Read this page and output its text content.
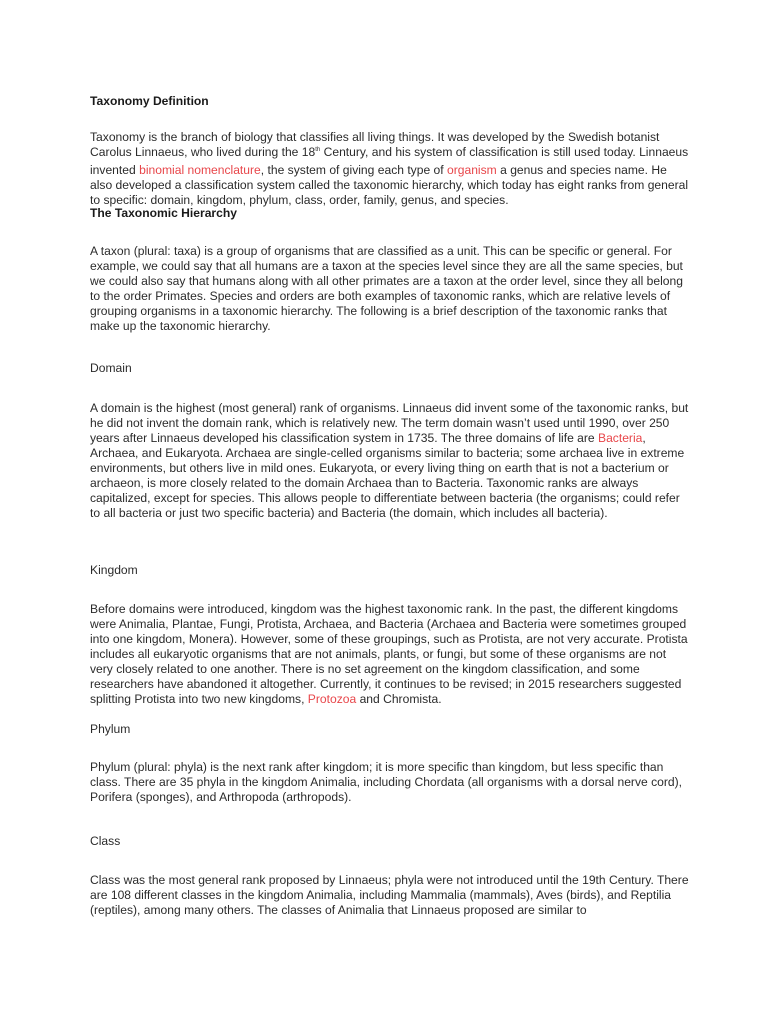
Taxonomy Definition

Taxonomy is the branch of biology that classifies all living things. It was developed by the Swedish botanist Carolus Linnaeus, who lived during the 18th Century, and his system of classification is still used today. Linnaeus invented binomial nomenclature, the system of giving each type of organism a genus and species name. He also developed a classification system called the taxonomic hierarchy, which today has eight ranks from general to specific: domain, kingdom, phylum, class, order, family, genus, and species.

The Taxonomic Hierarchy

A taxon (plural: taxa) is a group of organisms that are classified as a unit. This can be specific or general. For example, we could say that all humans are a taxon at the species level since they are all the same species, but we could also say that humans along with all other primates are a taxon at the order level, since they all belong to the order Primates. Species and orders are both examples of taxonomic ranks, which are relative levels of grouping organisms in a taxonomic hierarchy. The following is a brief description of the taxonomic ranks that make up the taxonomic hierarchy.

Domain

A domain is the highest (most general) rank of organisms. Linnaeus did invent some of the taxonomic ranks, but he did not invent the domain rank, which is relatively new. The term domain wasn’t used until 1990, over 250 years after Linnaeus developed his classification system in 1735. The three domains of life are Bacteria, Archaea, and Eukaryota. Archaea are single-celled organisms similar to bacteria; some archaea live in extreme environments, but others live in mild ones. Eukaryota, or every living thing on earth that is not a bacterium or archaeon, is more closely related to the domain Archaea than to Bacteria. Taxonomic ranks are always capitalized, except for species. This allows people to differentiate between bacteria (the organisms; could refer to all bacteria or just two specific bacteria) and Bacteria (the domain, which includes all bacteria).

Kingdom

Before domains were introduced, kingdom was the highest taxonomic rank. In the past, the different kingdoms were Animalia, Plantae, Fungi, Protista, Archaea, and Bacteria (Archaea and Bacteria were sometimes grouped into one kingdom, Monera). However, some of these groupings, such as Protista, are not very accurate. Protista includes all eukaryotic organisms that are not animals, plants, or fungi, but some of these organisms are not very closely related to one another. There is no set agreement on the kingdom classification, and some researchers have abandoned it altogether. Currently, it continues to be revised; in 2015 researchers suggested splitting Protista into two new kingdoms, Protozoa and Chromista.

Phylum

Phylum (plural: phyla) is the next rank after kingdom; it is more specific than kingdom, but less specific than class. There are 35 phyla in the kingdom Animalia, including Chordata (all organisms with a dorsal nerve cord), Porifera (sponges), and Arthropoda (arthropods).

Class

Class was the most general rank proposed by Linnaeus; phyla were not introduced until the 19th Century. There are 108 different classes in the kingdom Animalia, including Mammalia (mammals), Aves (birds), and Reptilia (reptiles), among many others. The classes of Animalia that Linnaeus proposed are similar to
